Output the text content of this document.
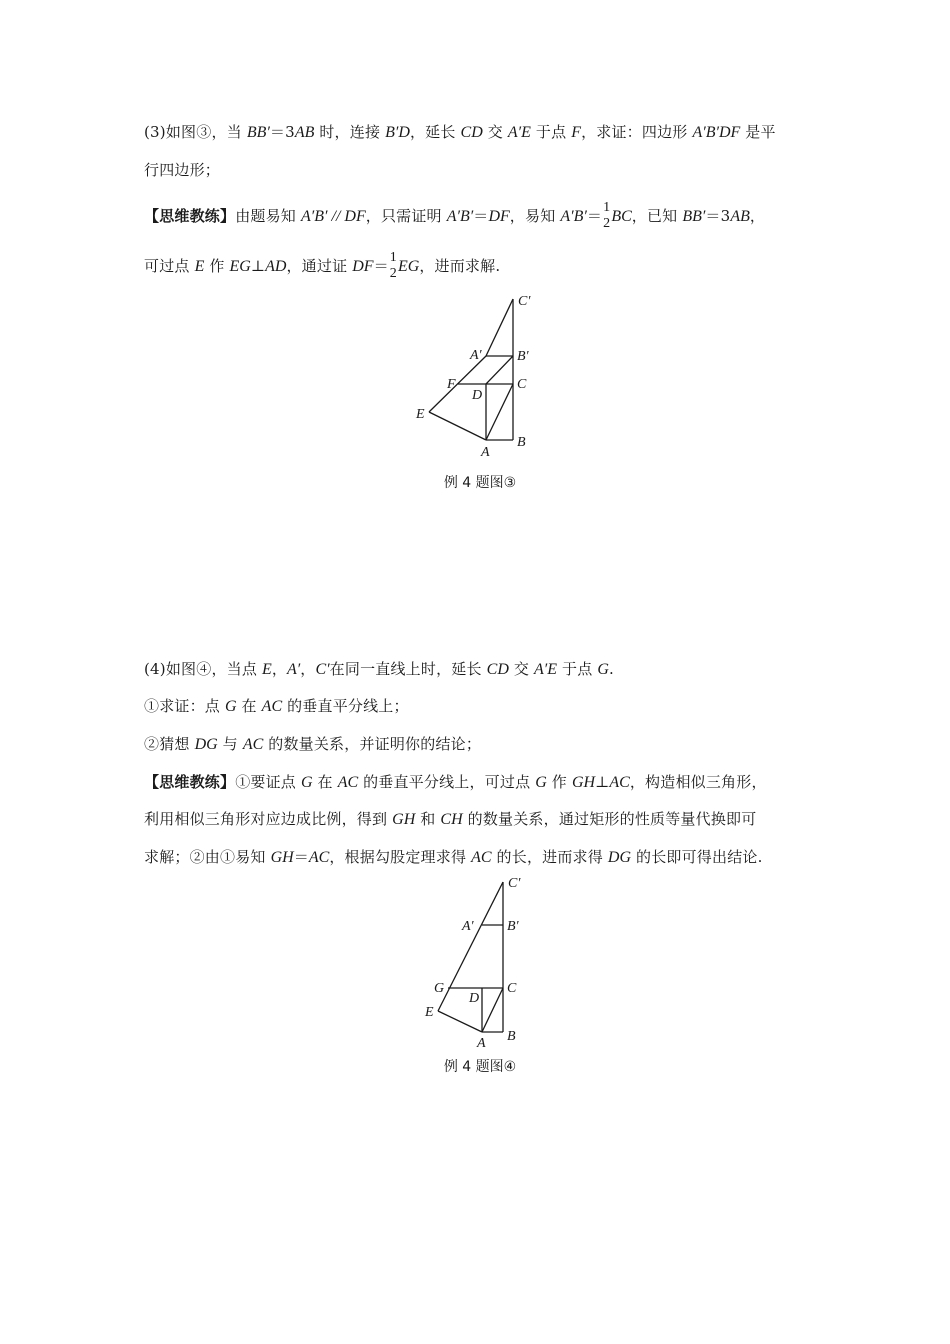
(3)如图③，当 BB′＝3AB 时，连接 B′D，延长 CD 交 A′E 于点 F，求证：四边形 A′B′DF 是平
行四边形；
【思维教练】由题易知 A′B′ // DF，只需证明 A′B′＝DF，易知 A′B′＝ 1
2 BC，已知 BB′＝3AB，
可过点 E 作 EG⊥AD，通过证 DF＝ 1
2 EG，进而求解.
C′
A′	B′
F
D
C
E
A
B
例 4 题图③
(4)如图④，当点 E，A′，C′在同一直线上时，延长 CD 交 A′E 于点 G.
①求证：点 G 在 AC 的垂直平分线上；
②猜想 DG 与 AC 的数量关系，并证明你的结论；
【思维教练】①要证点 G 在 AC 的垂直平分线上，可过点 G 作 GH⊥AC，构造相似三角形，
利用相似三角形对应边成比例，得到 GH 和 CH 的数量关系，通过矩形的性质等量代换即可
求解；②由①易知 GH＝AC，根据勾股定理求得 AC 的长，进而求得 DG 的长即可得出结论.
C′
A′ B′
G
D
C
E
A B
例 4 题图④
